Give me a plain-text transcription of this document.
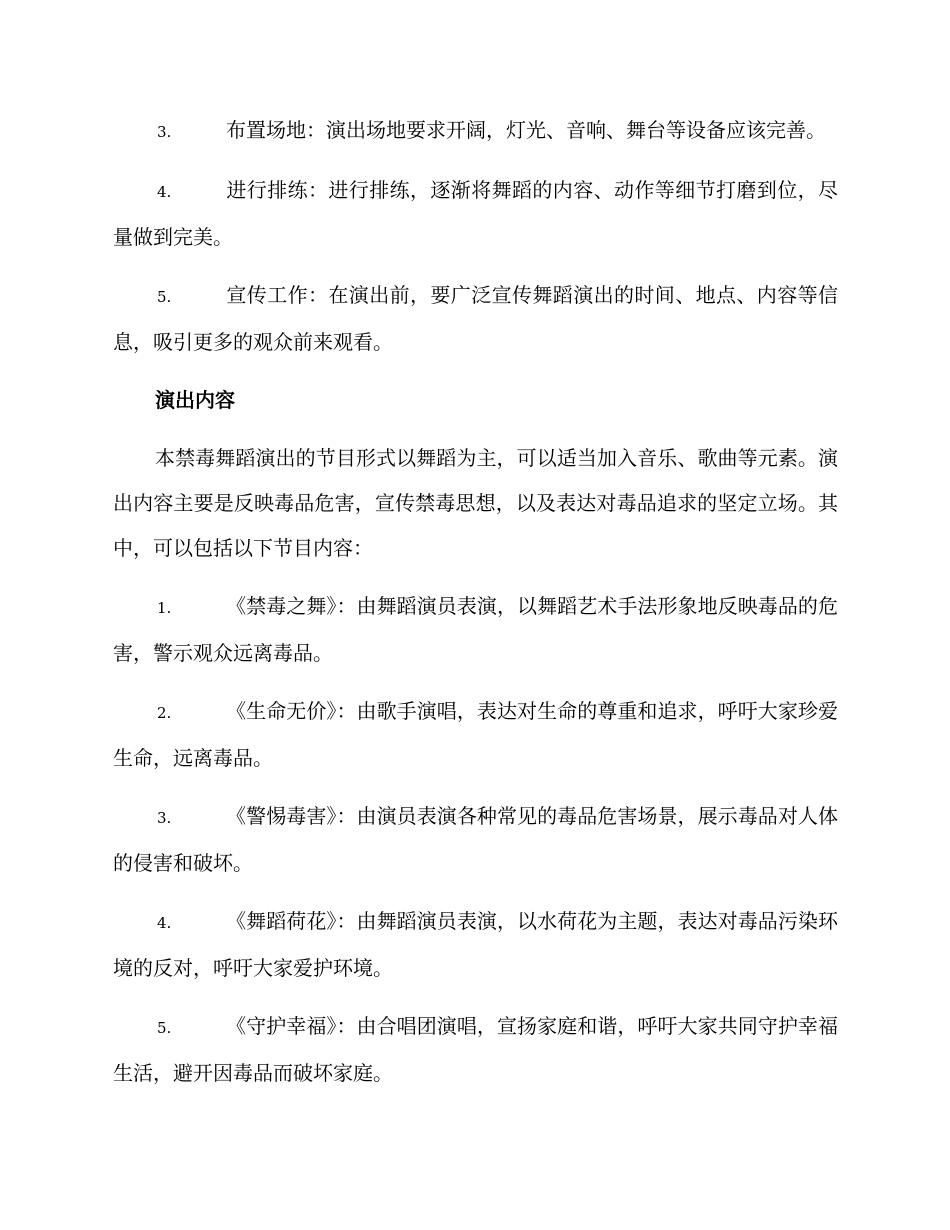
3.	布置场地：演出场地要求开阔，灯光、音响、舞台等设备应该完善。

4.	进行排练：进行排练，逐渐将舞蹈的内容、动作等细节打磨到位，尽量做到完美。

5.	宣传工作：在演出前，要广泛宣传舞蹈演出的时间、地点、内容等信息，吸引更多的观众前来观看。

演出内容

本禁毒舞蹈演出的节目形式以舞蹈为主，可以适当加入音乐、歌曲等元素。演出内容主要是反映毒品危害，宣传禁毒思想，以及表达对毒品追求的坚定立场。其中，可以包括以下节目内容：

1.	《禁毒之舞》：由舞蹈演员表演，以舞蹈艺术手法形象地反映毒品的危害，警示观众远离毒品。

2.	《生命无价》：由歌手演唱，表达对生命的尊重和追求，呼吁大家珍爱生命，远离毒品。

3.	《警惕毒害》：由演员表演各种常见的毒品危害场景，展示毒品对人体的侵害和破坏。

4.	《舞蹈荷花》：由舞蹈演员表演，以水荷花为主题，表达对毒品污染环境的反对，呼吁大家爱护环境。

5.	《守护幸福》：由合唱团演唱，宣扬家庭和谐，呼吁大家共同守护幸福生活，避开因毒品而破坏家庭。
